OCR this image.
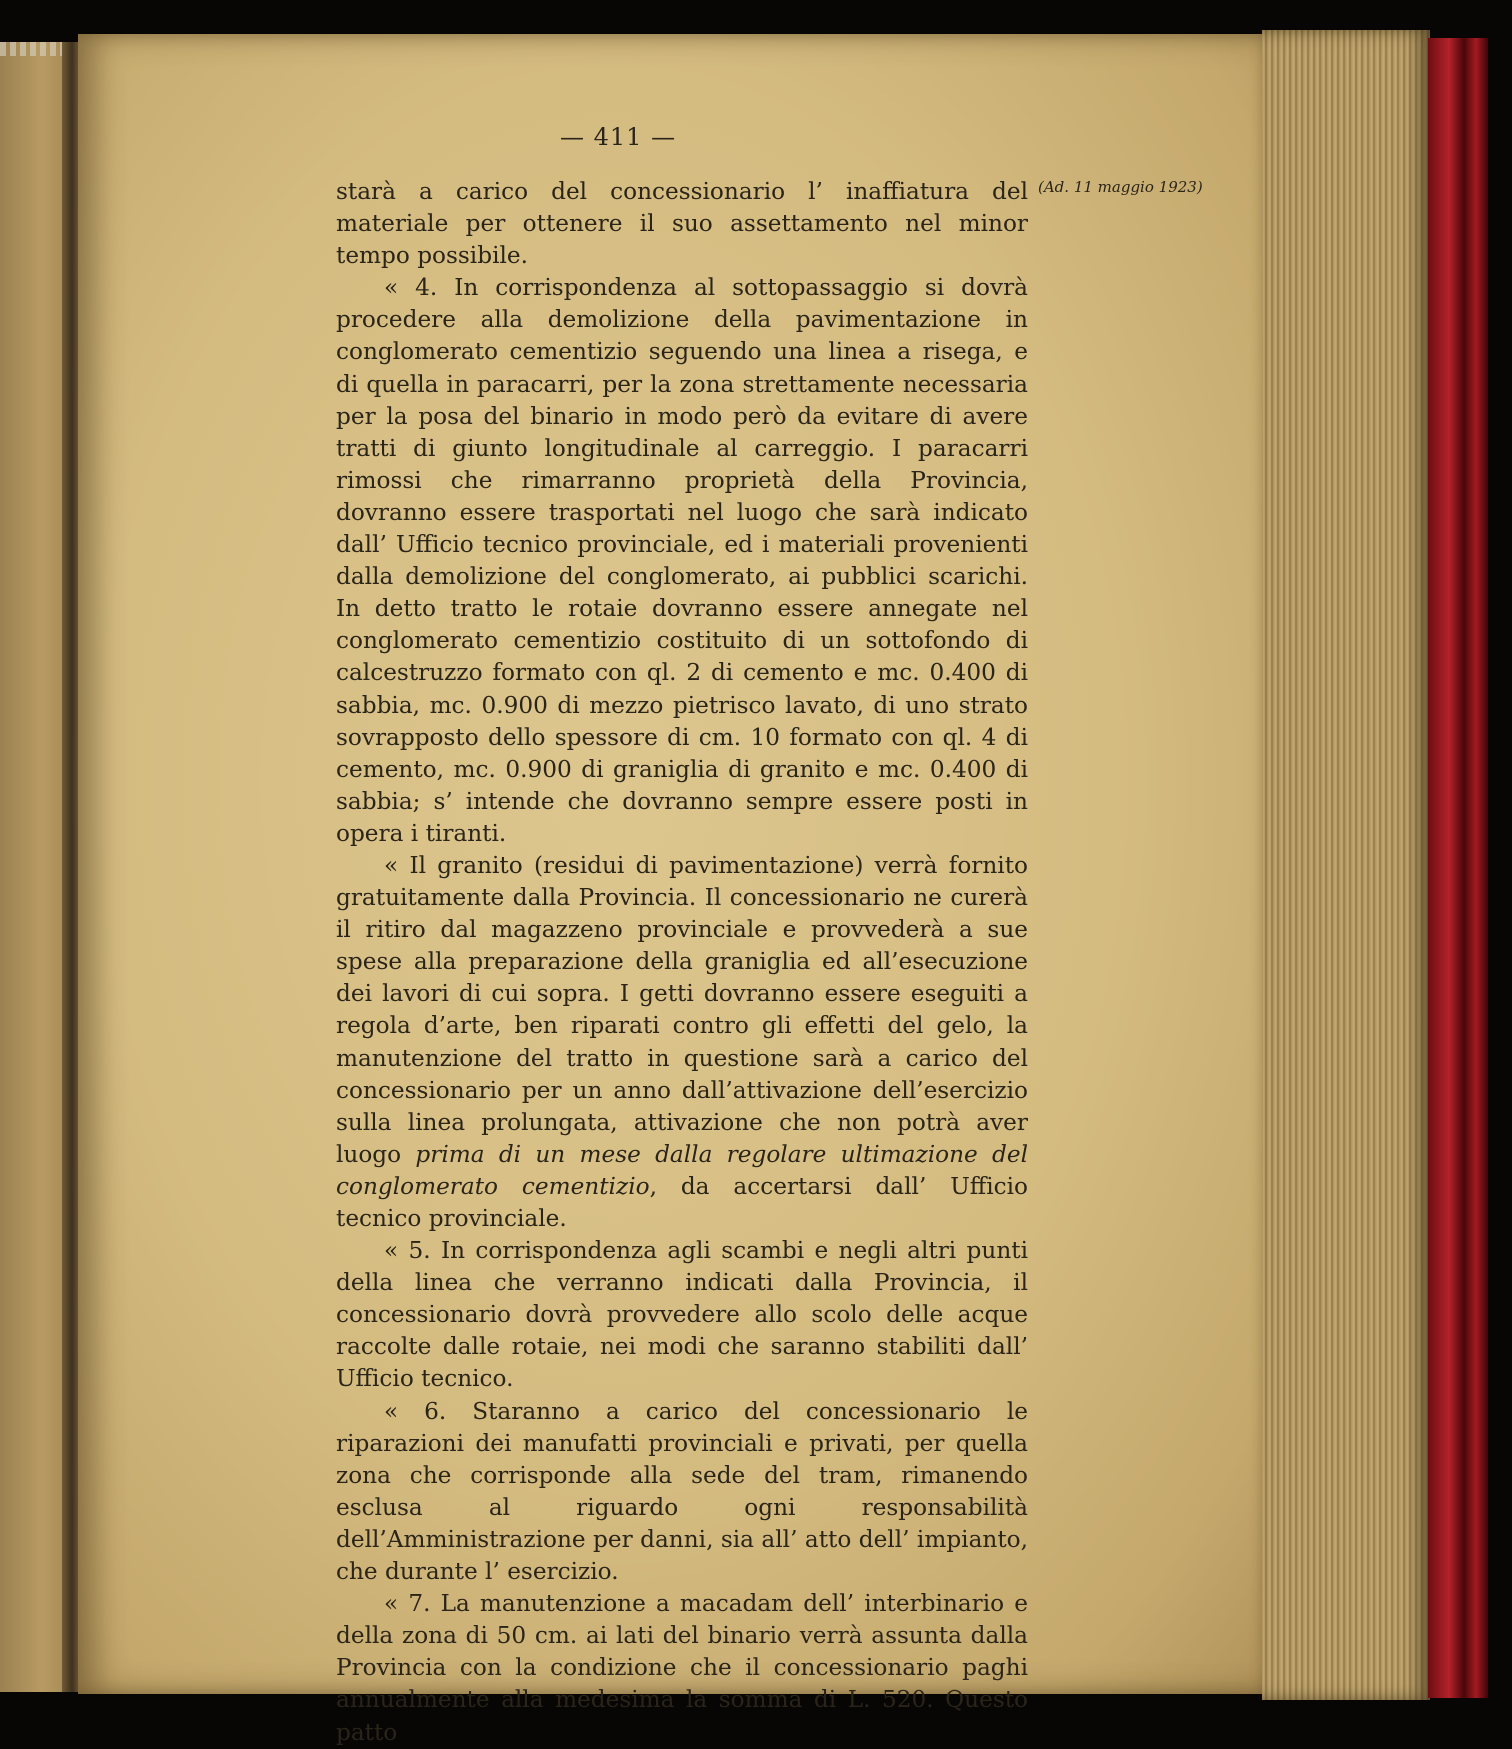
— 411 —
(Ad. 11 maggio 1923)

starà a carico del concessionario l’ inaffiatura del materiale per ottenere il suo assettamento nel minor tempo possibile.

« 4. In corrispondenza al sottopassaggio si dovrà procedere alla demolizione della pavimentazione in conglomerato cementizio seguendo una linea a risega, e di quella in paracarri, per la zona strettamente necessaria per la posa del binario in modo però da evitare di avere tratti di giunto longitudinale al carreggio. I paracarri rimossi che rimarranno proprietà della Provincia, dovranno essere trasportati nel luogo che sarà indicato dall’ Ufficio tecnico provinciale, ed i materiali provenienti dalla demolizione del conglomerato, ai pubblici scarichi. In detto tratto le rotaie dovranno essere annegate nel conglomerato cementizio costituito di un sottofondo di calcestruzzo formato con ql. 2 di cemento e mc. 0.400 di sabbia, mc. 0.900 di mezzo pietrisco lavato, di uno strato sovrapposto dello spessore di cm. 10 formato con ql. 4 di cemento, mc. 0.900 di graniglia di granito e mc. 0.400 di sabbia; s’ intende che dovranno sempre essere posti in opera i tiranti.

« Il granito (residui di pavimentazione) verrà fornito gratuitamente dalla Provincia. Il concessionario ne curerà il ritiro dal magazzeno provinciale e provvederà a sue spese alla preparazione della graniglia ed all’esecuzione dei lavori di cui sopra. I getti dovranno essere eseguiti a regola d’arte, ben riparati contro gli effetti del gelo, la manutenzione del tratto in questione sarà a carico del concessionario per un anno dall’attivazione dell’esercizio sulla linea prolungata, attivazione che non potrà aver luogo prima di un mese dalla regolare ultimazione del conglomerato cementizio, da accertarsi dall’ Ufficio tecnico provinciale.

« 5. In corrispondenza agli scambi e negli altri punti della linea che verranno indicati dalla Provincia, il concessionario dovrà provvedere allo scolo delle acque raccolte dalle rotaie, nei modi che saranno stabiliti dall’ Ufficio tecnico.

« 6. Staranno a carico del concessionario le riparazioni dei manufatti provinciali e privati, per quella zona che corrisponde alla sede del tram, rimanendo esclusa al riguardo ogni responsabilità dell’Amministrazione per danni, sia all’ atto dell’ impianto, che durante l’ esercizio.

« 7. La manutenzione a macadam dell’ interbinario e della zona di 50 cm. ai lati del binario verrà assunta dalla Provincia con la condizione che il concessionario paghi annualmente alla medesima la somma di L. 520. Questo patto
